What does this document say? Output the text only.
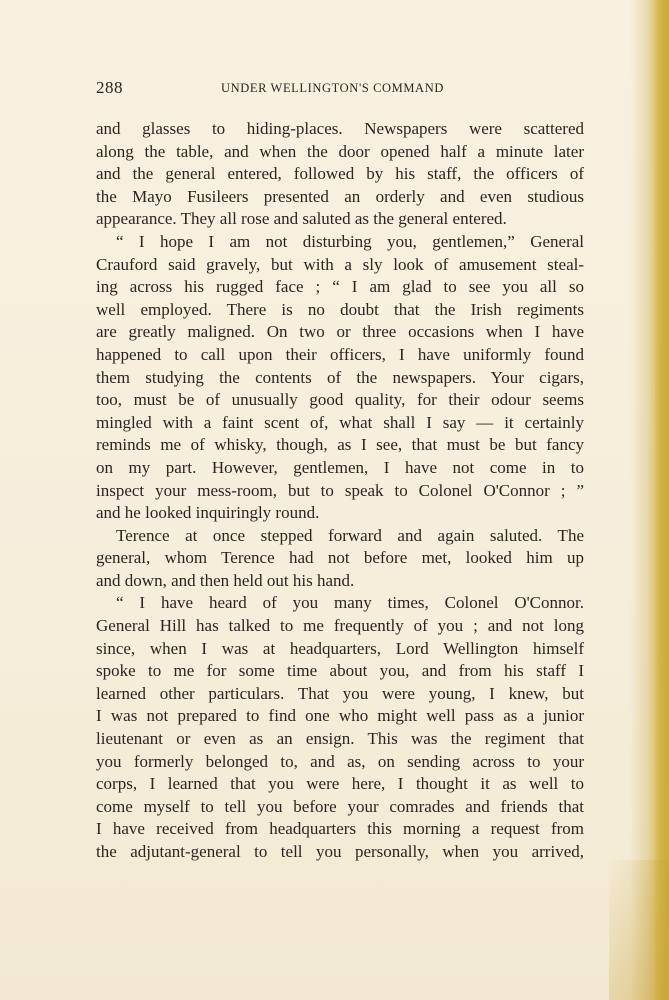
288	UNDER WELLINGTON'S COMMAND
and glasses to hiding-places. Newspapers were scattered
along the table, and when the door opened half a minute later
and the general entered, followed by his staff, the officers of
the Mayo Fusileers presented an orderly and even studious
appearance. They all rose and saluted as the general entered.
“ I hope I am not disturbing you, gentlemen,” General
Crauford said gravely, but with a sly look of amusement steal-
ing across his rugged face ; “ I am glad to see you all so
well employed. There is no doubt that the Irish regiments
are greatly maligned. On two or three occasions when I have
happened to call upon their officers, I have uniformly found
them studying the contents of the newspapers. Your cigars,
too, must be of unusually good quality, for their odour seems
mingled with a faint scent of, what shall I say — it certainly
reminds me of whisky, though, as I see, that must be but fancy
on my part. However, gentlemen, I have not come in to
inspect your mess-room, but to speak to Colonel O'Connor ; ”
and he looked inquiringly round.
Terence at once stepped forward and again saluted. The
general, whom Terence had not before met, looked him up
and down, and then held out his hand.
“ I have heard of you many times, Colonel O'Connor.
General Hill has talked to me frequently of you ; and not long
since, when I was at headquarters, Lord Wellington himself
spoke to me for some time about you, and from his staff I
learned other particulars. That you were young, I knew, but
I was not prepared to find one who might well pass as a junior
lieutenant or even as an ensign. This was the regiment that
you formerly belonged to, and as, on sending across to your
corps, I learned that you were here, I thought it as well to
come myself to tell you before your comrades and friends that
I have received from headquarters this morning a request from
the adjutant-general to tell you personally, when you arrived,
